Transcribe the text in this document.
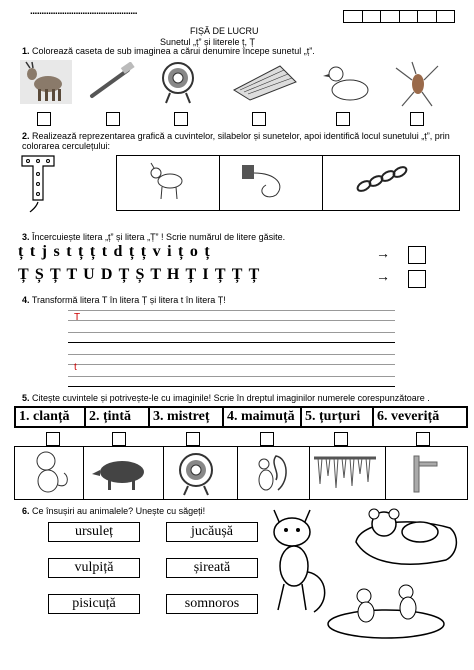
...............................................
FIȘĂ DE LUCRU
Sunetul „ț” și literele ț, Ț
1. Colorează caseta de sub imaginea a cărui denumire începe sunetul „ț”.
2. Realizează reprezentarea grafică a cuvintelor, silabelor și sunetelor, apoi identifică locul sunetului „ț”, prin colorarea cerculețului:
3. Încercuiește litera „ț” și litera „Ț” ! Scrie numărul de litere găsite.
ț  t  j  s  t  ț  ț  t  d  ț  ț  v  i  ț  o  ț	→
Ț  Ș  Ț  T  U  D  Ț  Ș  T  H  Ț  I  Ț  Ț  Ț	→
4. Transformă litera T în litera Ț și litera t în litera Ț!
T
t
5. Citește cuvintele și potrivește-le cu imaginile! Scrie în dreptul imaginilor numerele corespunzătoare .
1. clanță	2. țintă	3. mistreț	4. maimuță 5. țurțuri	6. veveriță
6. Ce însușiri au animalele? Unește cu săgeți!
ursuleț
vulpiță
pisicuță
jucăușă
șireată
somnoros
